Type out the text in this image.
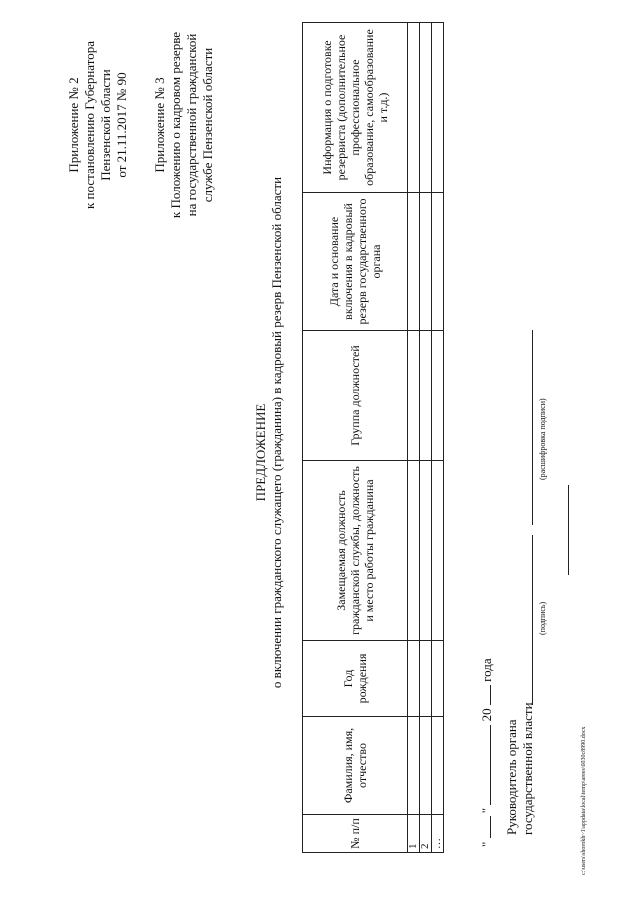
Приложение № 2 к постановлению Губернатора Пензенской области от 21.11.2017 № 90 Приложение № 3 к Положению о кадровом резерве на государственной гражданской службе Пензенской области
ПРЕДЛОЖЕНИЕ о включении гражданского служащего (гражданина) в кадровый резерв Пензенской области
№ п/п	Фамилия, имя, отчество	Год рождения	Замещаемая должность гражданской службы, должность и место работы гражданина	Группа должностей	Дата и основание включения в кадровый резерв государственного органа	Информация о подготовке резервиста (дополнительное профессиональное образование, самообразование и т.д.)
1						
2						
…							"  "  20  года
Руководитель органа государственной власти
(подпись)
(расшифровка подписи)
c:\users\shorokh~1\appdata\local\temp\arees\6030c8990.docx
